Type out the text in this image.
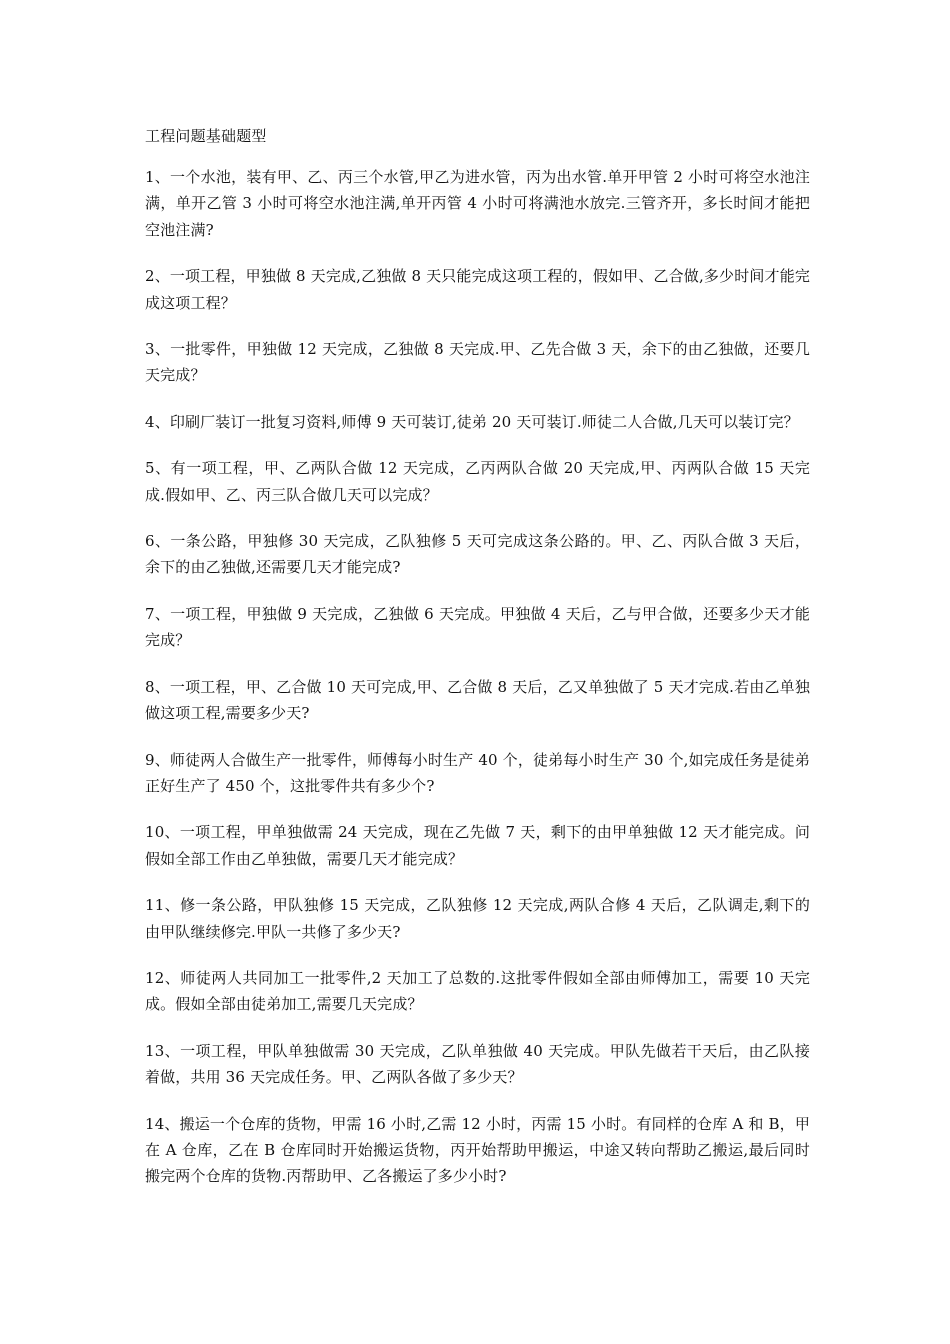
工程问题基础题型
1、一个水池，装有甲、乙、丙三个水管,甲乙为进水管，丙为出水管.单开甲管 2 小时可将空水池注满，单开乙管 3 小时可将空水池注满,单开丙管 4 小时可将满池水放完.三管齐开，多长时间才能把空池注满?
2、一项工程，甲独做 8 天完成,乙独做 8 天只能完成这项工程的，假如甲、乙合做,多少时间才能完成这项工程？
3、一批零件，甲独做 12 天完成，乙独做 8 天完成.甲、乙先合做 3 天，余下的由乙独做，还要几天完成？
4、印刷厂装订一批复习资料,师傅 9 天可装订,徒弟 20 天可装订.师徒二人合做,几天可以装订完？
5、有一项工程，甲、乙两队合做 12 天完成，乙丙两队合做 20 天完成,甲、丙两队合做 15 天完成.假如甲、乙、丙三队合做几天可以完成？
6、一条公路，甲独修 30 天完成，乙队独修 5 天可完成这条公路的。甲、乙、丙队合做 3 天后，余下的由乙独做,还需要几天才能完成?
7、一项工程，甲独做 9 天完成，乙独做 6 天完成。甲独做 4 天后，乙与甲合做，还要多少天才能完成？
8、一项工程，甲、乙合做 10 天可完成,甲、乙合做 8 天后，乙又单独做了 5 天才完成.若由乙单独做这项工程,需要多少天?
9、师徒两人合做生产一批零件，师傅每小时生产 40 个，徒弟每小时生产 30 个,如完成任务是徒弟正好生产了 450 个，这批零件共有多少个?
10、一项工程，甲单独做需 24 天完成，现在乙先做 7 天，剩下的由甲单独做 12 天才能完成。问假如全部工作由乙单独做，需要几天才能完成？
11、修一条公路，甲队独修 15 天完成，乙队独修 12 天完成,两队合修 4 天后，乙队调走,剩下的由甲队继续修完.甲队一共修了多少天?
12、师徒两人共同加工一批零件,2 天加工了总数的.这批零件假如全部由师傅加工，需要 10 天完成。假如全部由徒弟加工,需要几天完成？
13、一项工程，甲队单独做需 30 天完成，乙队单独做 40 天完成。甲队先做若干天后，由乙队接着做，共用 36 天完成任务。甲、乙两队各做了多少天？
14、搬运一个仓库的货物，甲需 16 小时,乙需 12 小时，丙需 15 小时。有同样的仓库 A 和 B，甲在 A 仓库，乙在 B 仓库同时开始搬运货物，丙开始帮助甲搬运，中途又转向帮助乙搬运,最后同时搬完两个仓库的货物.丙帮助甲、乙各搬运了多少小时?
